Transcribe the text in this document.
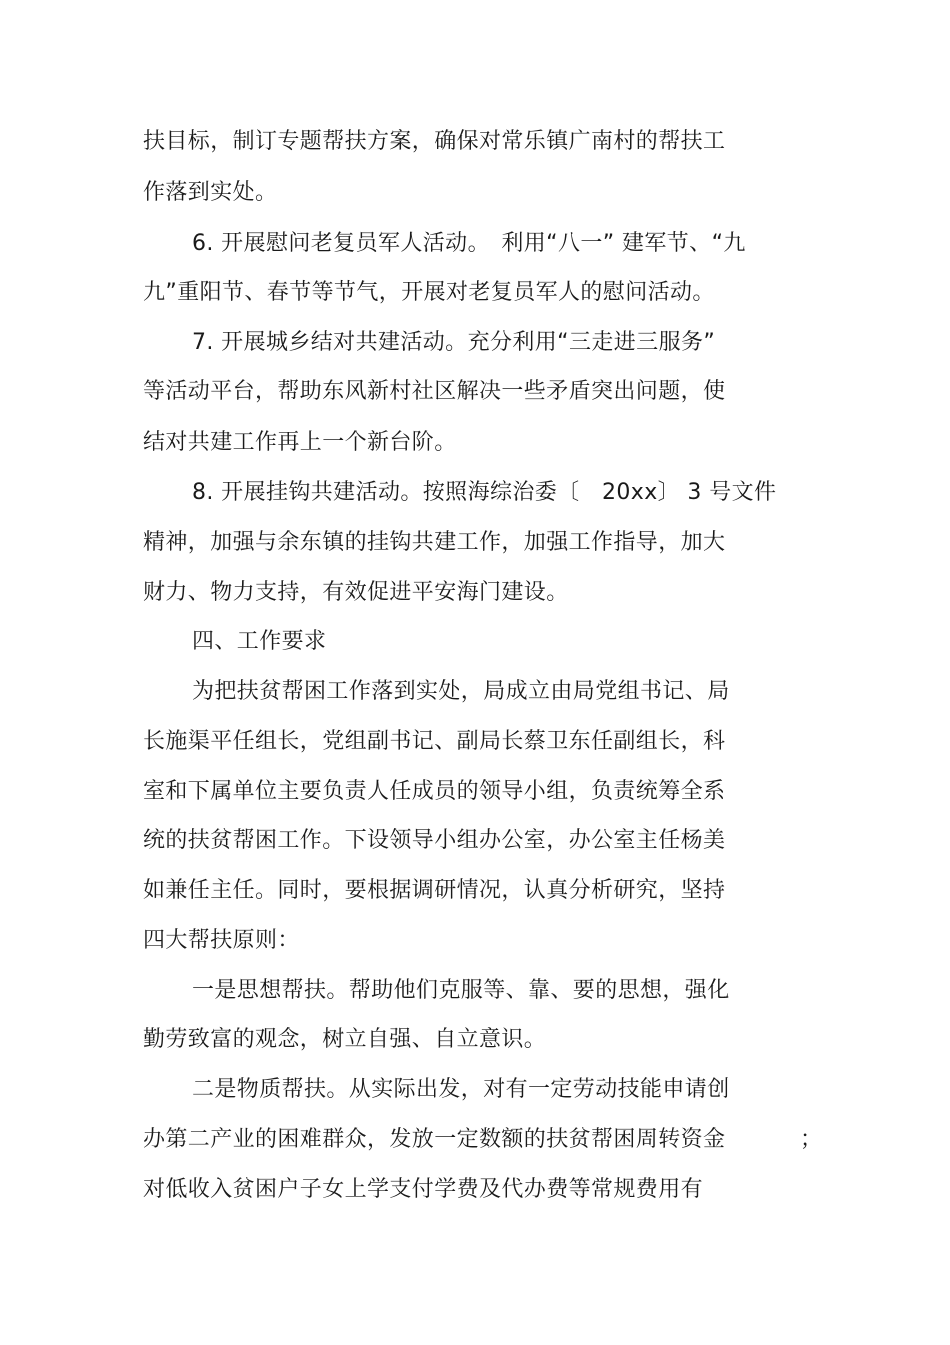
扶目标，制订专题帮扶方案，确保对常乐镇广南村的帮扶工
作落到实处。
6. 开展慰问老复员军人活动。　利用“八一” 建军节、“九
九”重阳节、春节等节气，开展对老复员军人的慰问活动。
7. 开展城乡结对共建活动。充分利用“三走进三服务”
等活动平台，帮助东风新村社区解决一些矛盾突出问题，使
结对共建工作再上一个新台阶。
8. 开展挂钩共建活动。按照海综治委〔　20xx〕 3 号文件
精神，加强与余东镇的挂钩共建工作，加强工作指导，加大
财力、物力支持，有效促进平安海门建设。
四、工作要求
为把扶贫帮困工作落到实处，局成立由局党组书记、局
长施渠平任组长，党组副书记、副局长蔡卫东任副组长，科
室和下属单位主要负责人任成员的领导小组，负责统筹全系
统的扶贫帮困工作。下设领导小组办公室，办公室主任杨美
如兼任主任。同时，要根据调研情况，认真分析研究，坚持
四大帮扶原则：
一是思想帮扶。帮助他们克服等、靠、要的思想，强化
勤劳致富的观念，树立自强、自立意识。
二是物质帮扶。从实际出发，对有一定劳动技能申请创
办第二产业的困难群众，发放一定数额的扶贫帮困周转资金	；
对低收入贫困户子女上学支付学费及代办费等常规费用有
